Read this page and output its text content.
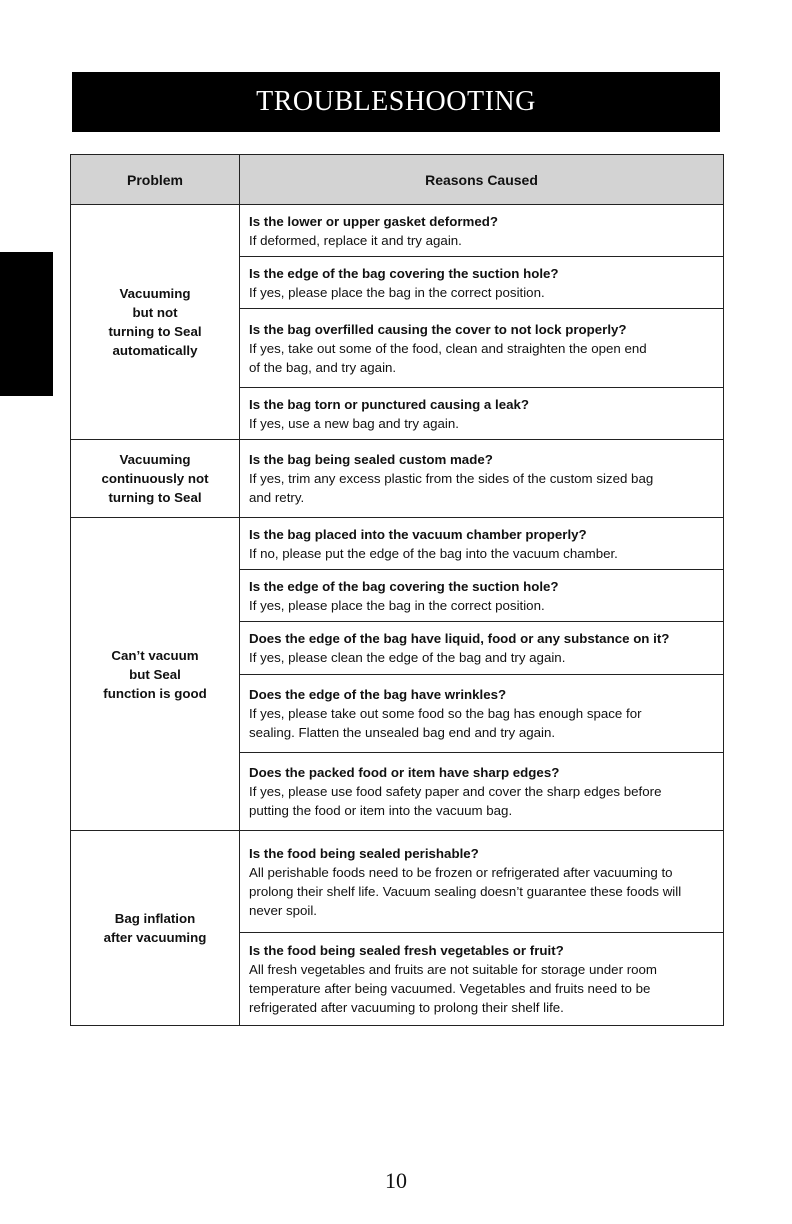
TROUBLESHOOTING
Problem	Reasons Caused

Vacuuming
but not
turning to Seal
automatically	Is the lower or upper gasket deformed?
If deformed, replace it and try again.

	Is the edge of the bag covering the suction hole?
If yes, please place the bag in the correct position.

	Is the bag overfilled causing the cover to not lock properly?
If yes, take out some of the food, clean and straighten the open end
of the bag, and try again.

	Is the bag torn or punctured causing a leak?
If yes, use a new bag and try again.

Vacuuming
continuously not
turning to Seal	Is the bag being sealed custom made?
If yes, trim any excess plastic from the sides of the custom sized bag
and retry.

Can’t vacuum
but Seal
function is good	Is the bag placed into the vacuum chamber properly?
If no, please put the edge of the bag into the vacuum chamber.

	Is the edge of the bag covering the suction hole?
If yes, please place the bag in the correct position.

	Does the edge of the bag have liquid, food or any substance on it?
If yes, please clean the edge of the bag and try again.

	Does the edge of the bag have wrinkles?
If yes, please take out some food so the bag has enough space for
sealing. Flatten the unsealed bag end and try again.

	Does the packed food or item have sharp edges?
If yes, please use food safety paper and cover the sharp edges before
putting the food or item into the vacuum bag.

Bag inflation
after vacuuming	Is the food being sealed perishable?
All perishable foods need to be frozen or refrigerated after vacuuming to
prolong their shelf life. Vacuum sealing doesn’t guarantee these foods will
never spoil.

	Is the food being sealed fresh vegetables or fruit?
All fresh vegetables and fruits are not suitable for storage under room
temperature after being vacuumed. Vegetables and fruits need to be
refrigerated after vacuuming to prolong their shelf life.
10
